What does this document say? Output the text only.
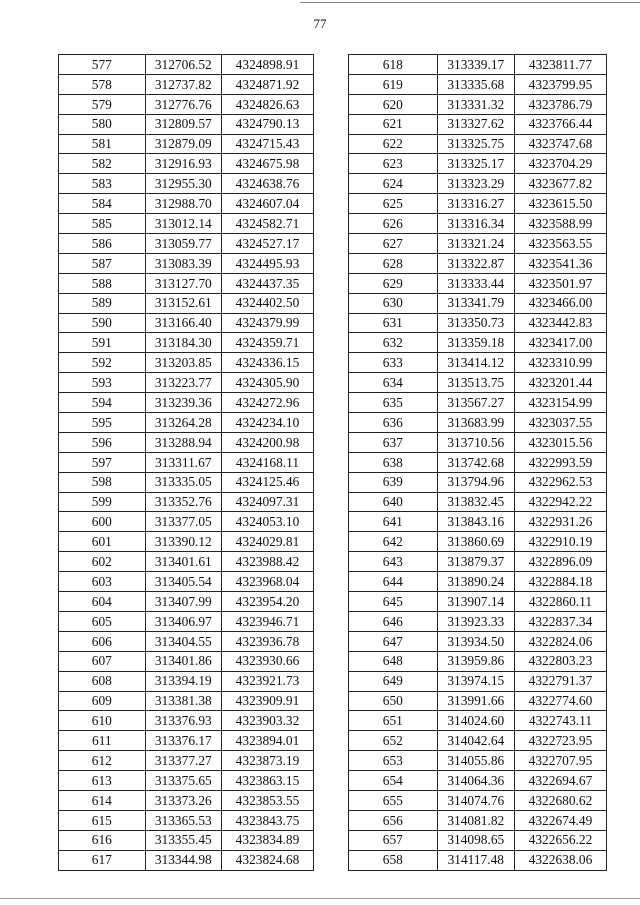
77
577	312706.52	4324898.91
578	312737.82	4324871.92
579	312776.76	4324826.63
580	312809.57	4324790.13
581	312879.09	4324715.43
582	312916.93	4324675.98
583	312955.30	4324638.76
584	312988.70	4324607.04
585	313012.14	4324582.71
586	313059.77	4324527.17
587	313083.39	4324495.93
588	313127.70	4324437.35
589	313152.61	4324402.50
590	313166.40	4324379.99
591	313184.30	4324359.71
592	313203.85	4324336.15
593	313223.77	4324305.90
594	313239.36	4324272.96
595	313264.28	4324234.10
596	313288.94	4324200.98
597	313311.67	4324168.11
598	313335.05	4324125.46
599	313352.76	4324097.31
600	313377.05	4324053.10
601	313390.12	4324029.81
602	313401.61	4323988.42
603	313405.54	4323968.04
604	313407.99	4323954.20
605	313406.97	4323946.71
606	313404.55	4323936.78
607	313401.86	4323930.66
608	313394.19	4323921.73
609	313381.38	4323909.91
610	313376.93	4323903.32
611	313376.17	4323894.01
612	313377.27	4323873.19
613	313375.65	4323863.15
614	313373.26	4323853.55
615	313365.53	4323843.75
616	313355.45	4323834.89
617	313344.98	4323824.68
618	313339.17	4323811.77
619	313335.68	4323799.95
620	313331.32	4323786.79
621	313327.62	4323766.44
622	313325.75	4323747.68
623	313325.17	4323704.29
624	313323.29	4323677.82
625	313316.27	4323615.50
626	313316.34	4323588.99
627	313321.24	4323563.55
628	313322.87	4323541.36
629	313333.44	4323501.97
630	313341.79	4323466.00
631	313350.73	4323442.83
632	313359.18	4323417.00
633	313414.12	4323310.99
634	313513.75	4323201.44
635	313567.27	4323154.99
636	313683.99	4323037.55
637	313710.56	4323015.56
638	313742.68	4322993.59
639	313794.96	4322962.53
640	313832.45	4322942.22
641	313843.16	4322931.26
642	313860.69	4322910.19
643	313879.37	4322896.09
644	313890.24	4322884.18
645	313907.14	4322860.11
646	313923.33	4322837.34
647	313934.50	4322824.06
648	313959.86	4322803.23
649	313974.15	4322791.37
650	313991.66	4322774.60
651	314024.60	4322743.11
652	314042.64	4322723.95
653	314055.86	4322707.95
654	314064.36	4322694.67
655	314074.76	4322680.62
656	314081.82	4322674.49
657	314098.65	4322656.22
658	314117.48	4322638.06
